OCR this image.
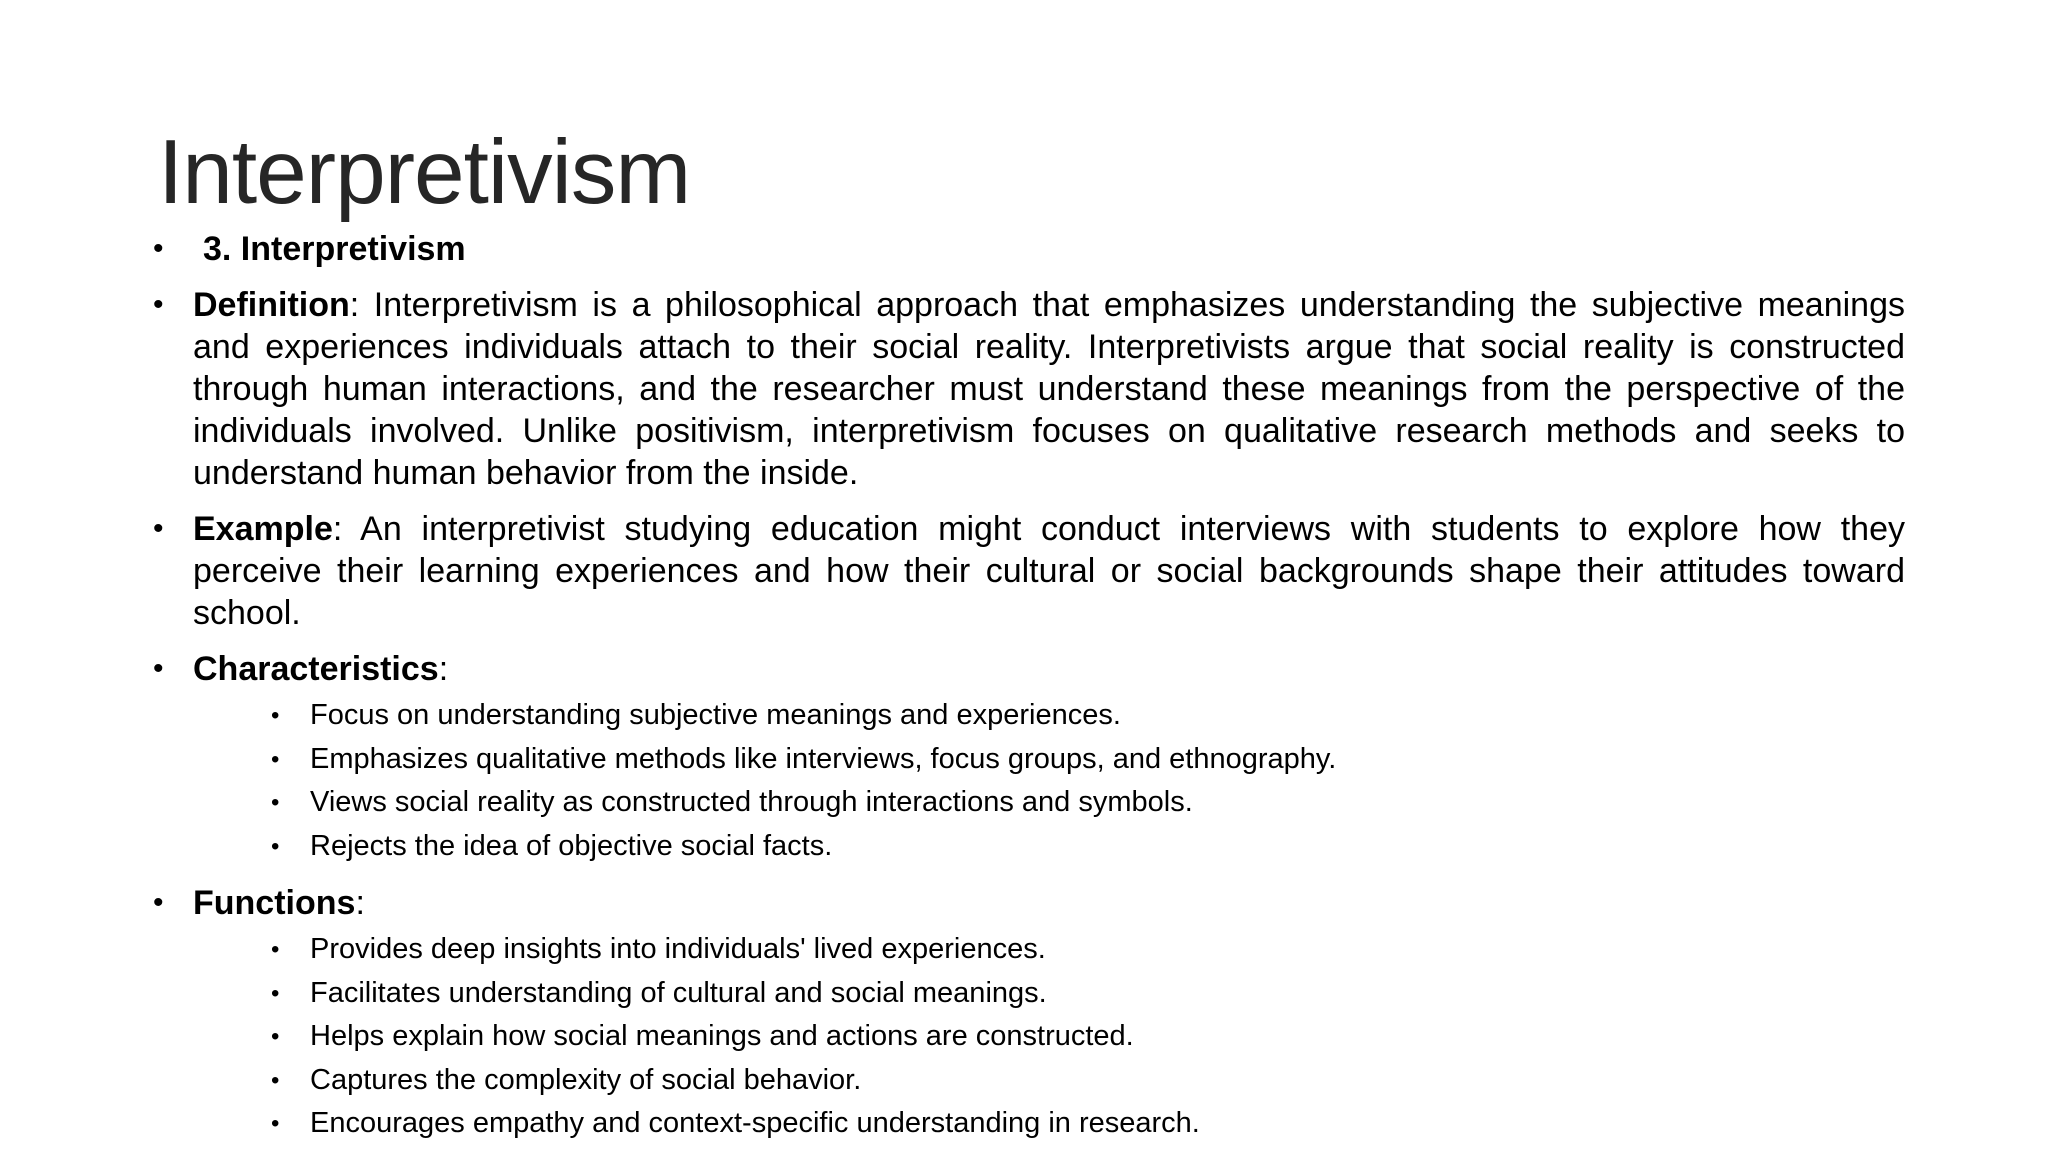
Interpretivism
• 3. Interpretivism
• Definition: Interpretivism is a philosophical approach that emphasizes understanding the subjective meanings and experiences individuals attach to their social reality. Interpretivists argue that social reality is constructed through human interactions, and the researcher must understand these meanings from the perspective of the individuals involved. Unlike positivism, interpretivism focuses on qualitative research methods and seeks to understand human behavior from the inside.
• Example: An interpretivist studying education might conduct interviews with students to explore how they perceive their learning experiences and how their cultural or social backgrounds shape their attitudes toward school.
• Characteristics:
• Focus on understanding subjective meanings and experiences.
• Emphasizes qualitative methods like interviews, focus groups, and ethnography.
• Views social reality as constructed through interactions and symbols.
• Rejects the idea of objective social facts.
• Functions:
• Provides deep insights into individuals' lived experiences.
• Facilitates understanding of cultural and social meanings.
• Helps explain how social meanings and actions are constructed.
• Captures the complexity of social behavior.
• Encourages empathy and context-specific understanding in research.
